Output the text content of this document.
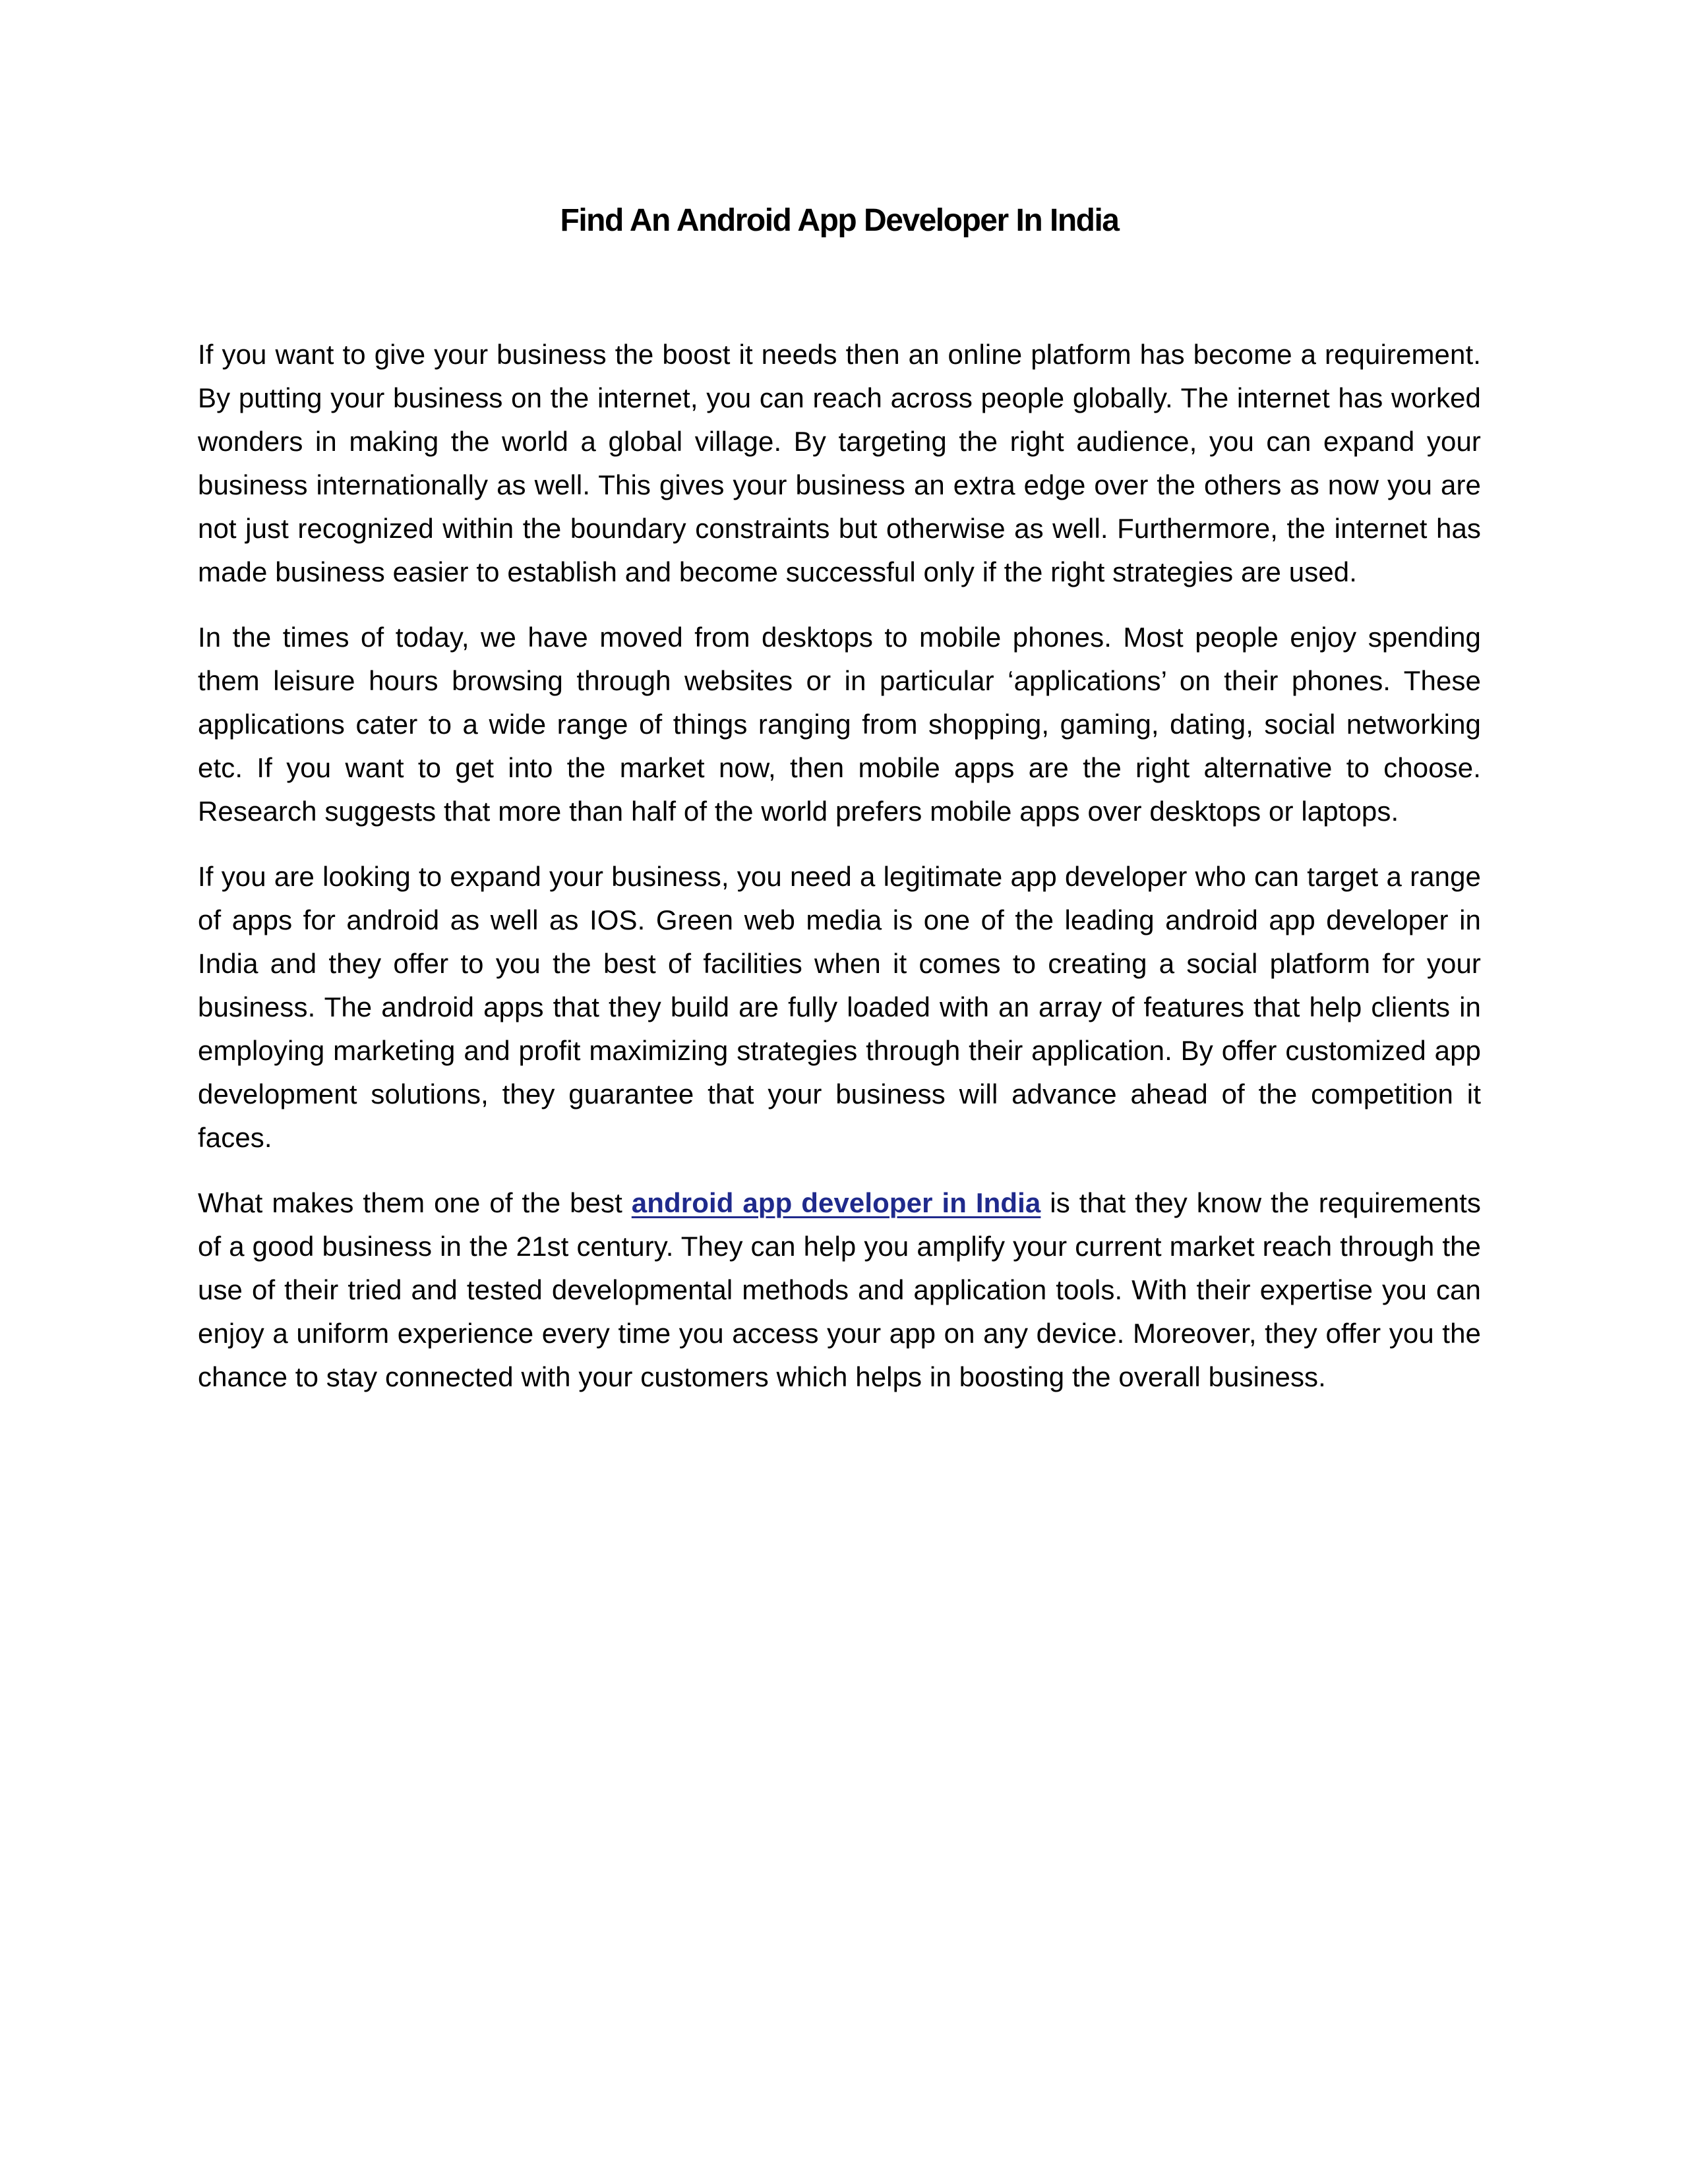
Find An Android App Developer In India

If you want to give your business the boost it needs then an online platform has become a requirement. By putting your business on the internet, you can reach across people globally. The internet has worked wonders in making the world a global village. By targeting the right audience, you can expand your business internationally as well. This gives your business an extra edge over the others as now you are not just recognized within the boundary constraints but otherwise as well. Furthermore, the internet has made business easier to establish and become successful only if the right strategies are used.

In the times of today, we have moved from desktops to mobile phones. Most people enjoy spending them leisure hours browsing through websites or in particular ‘applications’ on their phones. These applications cater to a wide range of things ranging from shopping, gaming, dating, social networking etc. If you want to get into the market now, then mobile apps are the right alternative to choose. Research suggests that more than half of the world prefers mobile apps over desktops or laptops.

If you are looking to expand your business, you need a legitimate app developer who can target a range of apps for android as well as IOS. Green web media is one of the leading android app developer in India and they offer to you the best of facilities when it comes to creating a social platform for your business. The android apps that they build are fully loaded with an array of features that help clients in employing marketing and profit maximizing strategies through their application. By offer customized app development solutions, they guarantee that your business will advance ahead of the competition it faces.

What makes them one of the best android app developer in India is that they know the requirements of a good business in the 21st century. They can help you amplify your current market reach through the use of their tried and tested developmental methods and application tools. With their expertise you can enjoy a uniform experience every time you access your app on any device. Moreover, they offer you the chance to stay connected with your customers which helps in boosting the overall business.
